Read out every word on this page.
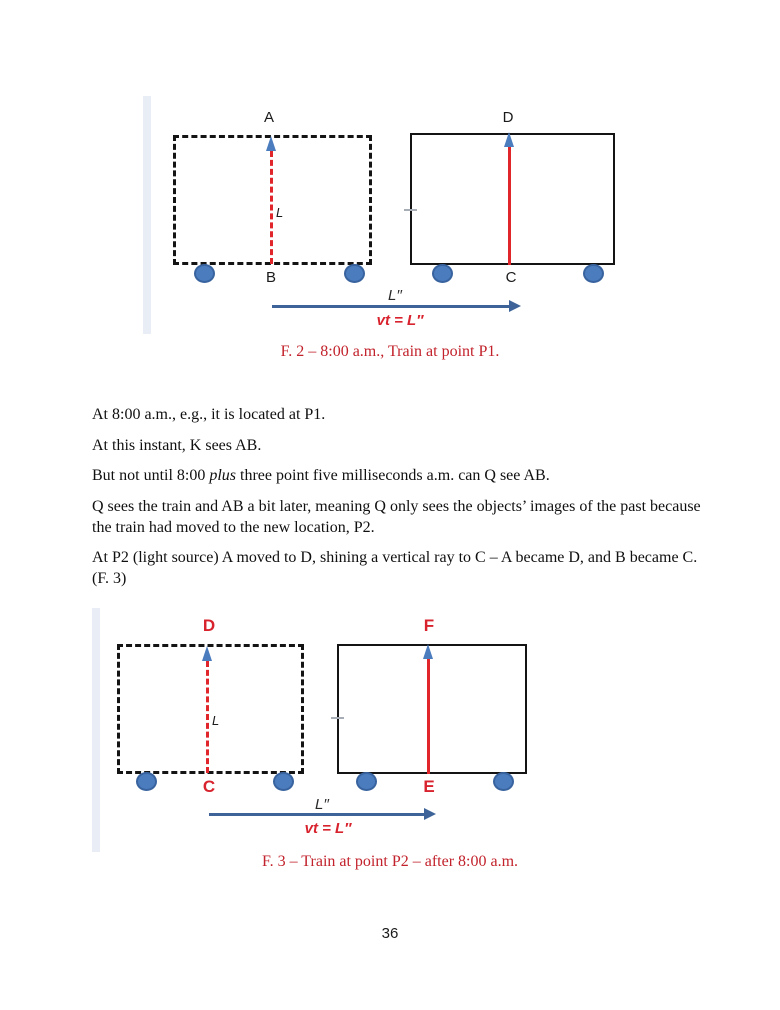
A
L
B
D
C
L′′
vt = L′′
F. 2 – 8:00 a.m., Train at point P1.

At 8:00 a.m., e.g., it is located at P1.

At this instant, K sees AB.

But not until 8:00 plus three point five milliseconds a.m. can Q see AB.

Q sees the train and AB a bit later, meaning Q only sees the objects’ images of the past because
the train had moved to the new location, P2.

At P2 (light source) A moved to D, shining a vertical ray to C – A became D, and B became C.
(F. 3)

D
L
C
F
E
L′′
vt = L′′
F. 3 – Train at point P2 – after 8:00 a.m.
36
